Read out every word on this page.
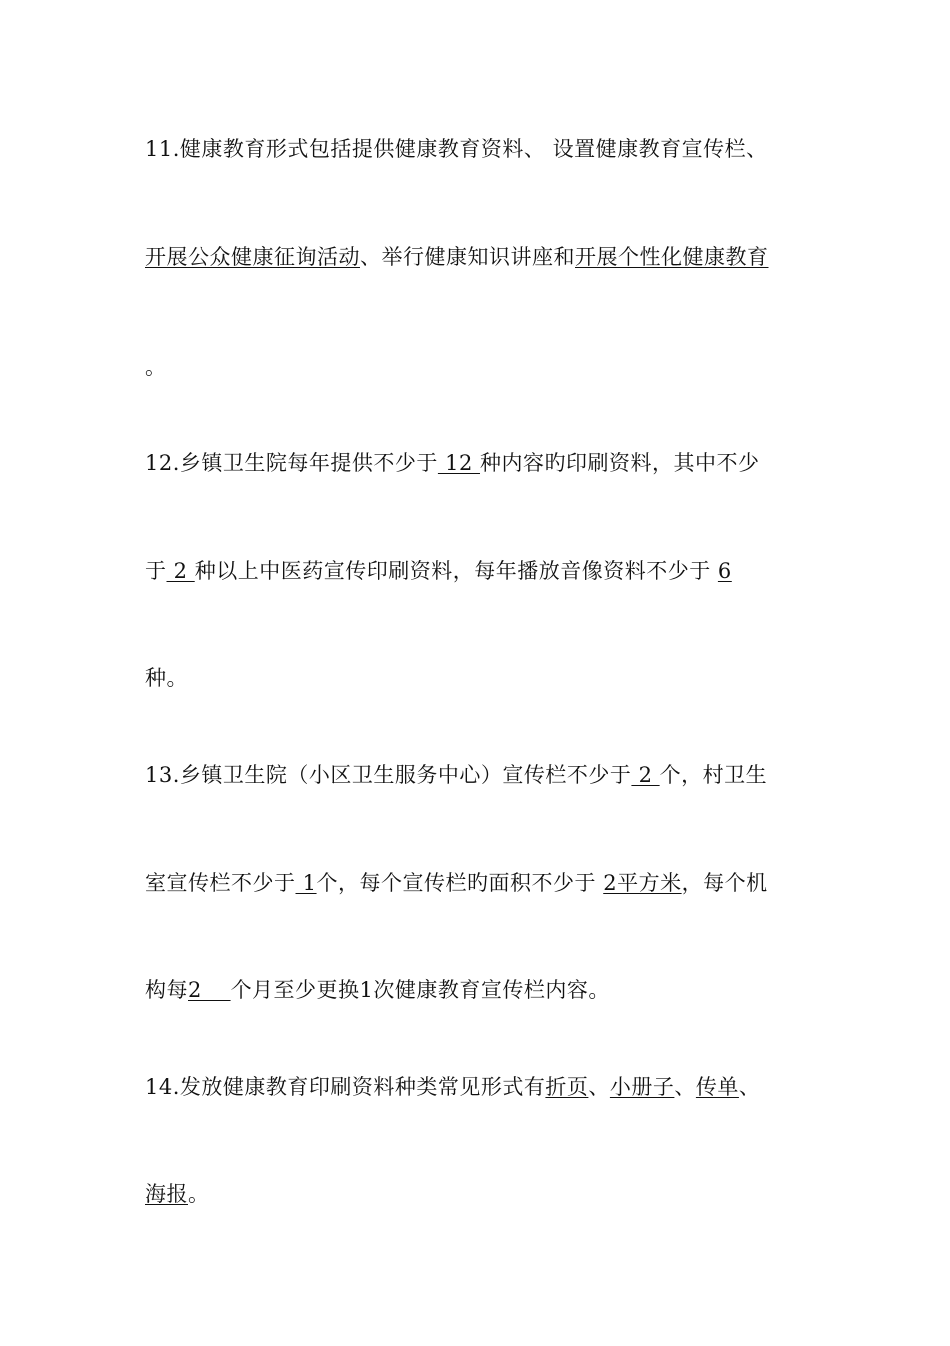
11.健康教育形式包括提供健康教育资料、 设置健康教育宣传栏、
开展公众健康征询活动、举行健康知识讲座和开展个性化健康教育
。
12.乡镇卫生院每年提供不少于 12 种内容旳印刷资料，其中不少
于 2 种以上中医药宣传印刷资料，每年播放音像资料不少于 6
种。
13.乡镇卫生院（小区卫生服务中心）宣传栏不少于 2 个，村卫生
室宣传栏不少于 1个，每个宣传栏旳面积不少于 2平方米，每个机
构每2    个月至少更换1次健康教育宣传栏内容。
14.发放健康教育印刷资料种类常见形式有折页、小册子、传单、
海报。
